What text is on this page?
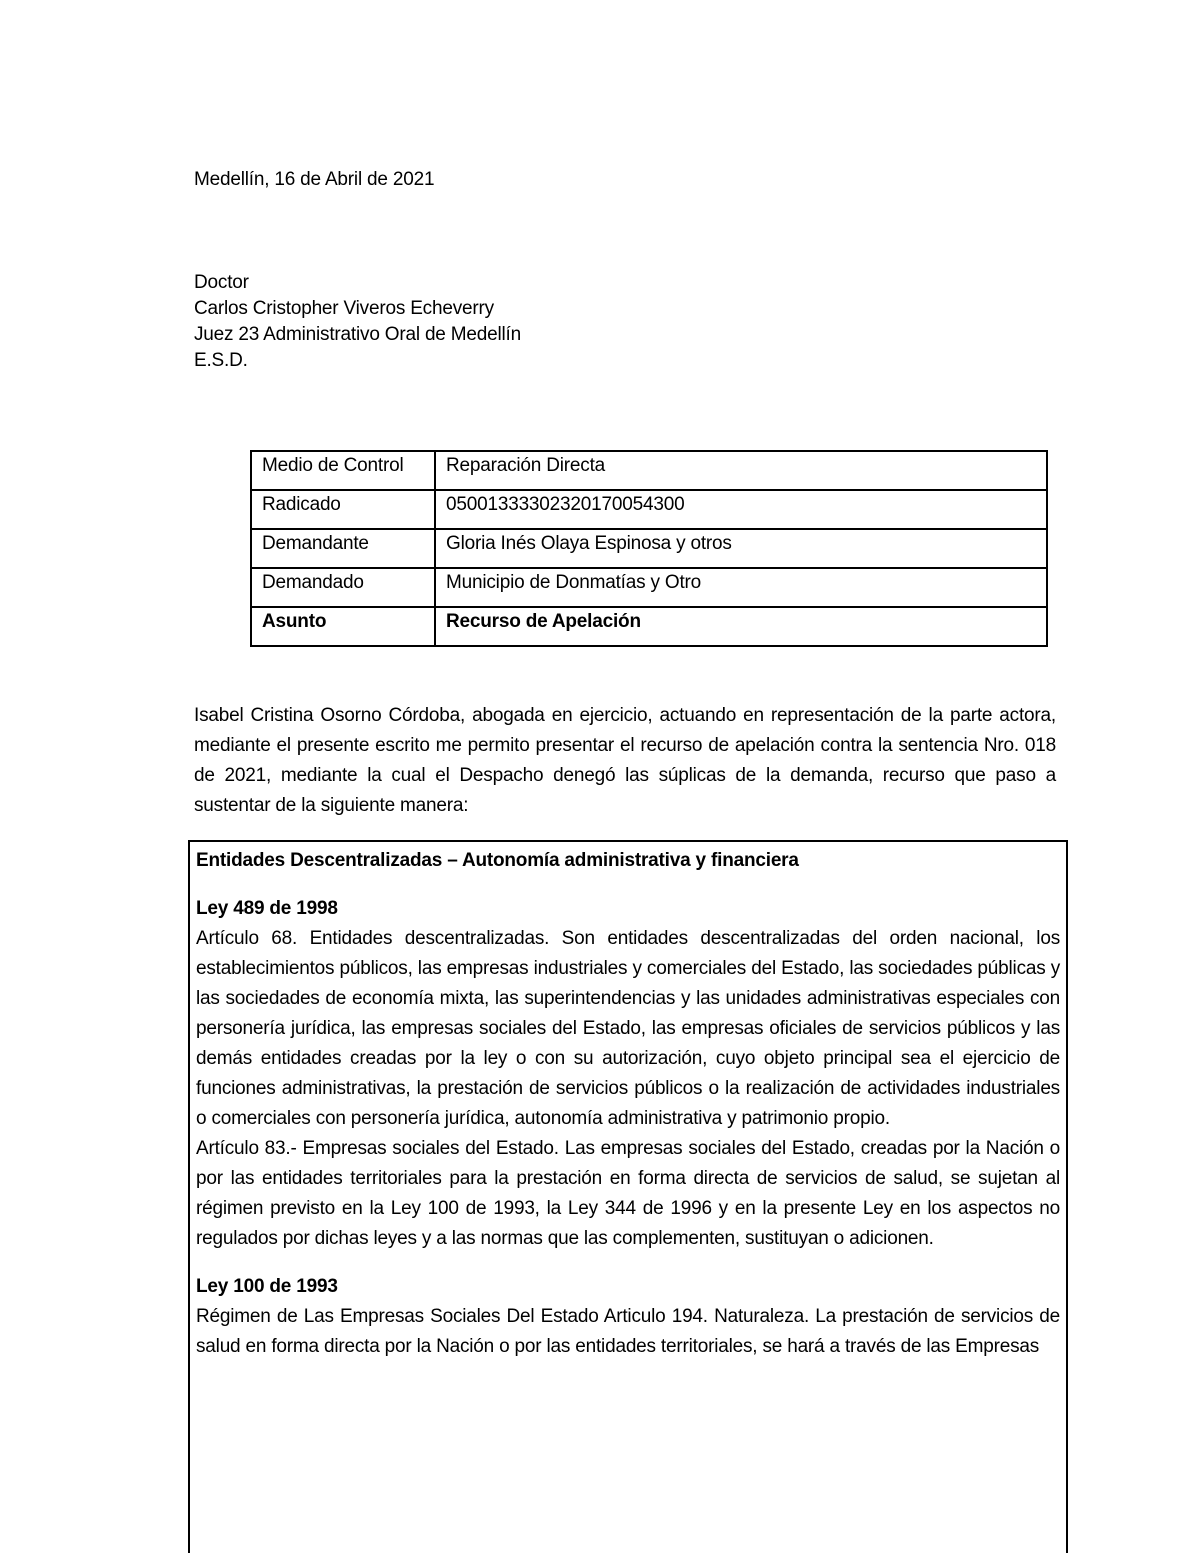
Medellín, 16 de Abril de 2021
Doctor
Carlos Cristopher Viveros Echeverry
Juez 23 Administrativo Oral de Medellín
E.S.D.
Medio de Control	Reparación Directa
Radicado	05001333302320170054300
Demandante	Gloria Inés Olaya Espinosa y otros
Demandado	Municipio de Donmatías y Otro
Asunto	Recurso de Apelación

Isabel Cristina Osorno Córdoba, abogada en ejercicio, actuando en representación de la parte actora, mediante el presente escrito me permito presentar el recurso de apelación contra la sentencia Nro. 018 de 2021, mediante la cual el Despacho denegó las súplicas de la demanda, recurso que paso a sustentar de la siguiente manera:

Entidades Descentralizadas – Autonomía administrativa y financiera

Ley 489 de 1998

Artículo 68. Entidades descentralizadas. Son entidades descentralizadas del orden nacional, los establecimientos públicos, las empresas industriales y comerciales del Estado, las sociedades públicas y las sociedades de economía mixta, las superintendencias y las unidades administrativas especiales con personería jurídica, las empresas sociales del Estado, las empresas oficiales de servicios públicos y las demás entidades creadas por la ley o con su autorización, cuyo objeto principal sea el ejercicio de funciones administrativas, la prestación de servicios públicos o la realización de actividades industriales o comerciales con personería jurídica, autonomía administrativa y patrimonio propio.

Artículo 83.- Empresas sociales del Estado. Las empresas sociales del Estado, creadas por la Nación o por las entidades territoriales para la prestación en forma directa de servicios de salud, se sujetan al régimen previsto en la Ley 100 de 1993, la Ley 344 de 1996 y en la presente Ley en los aspectos no regulados por dichas leyes y a las normas que las complementen, sustituyan o adicionen.

Ley 100 de 1993

Régimen de Las Empresas Sociales Del Estado Articulo 194. Naturaleza. La prestación de servicios de salud en forma directa por la Nación o por las entidades territoriales, se hará a través de las Empresas
